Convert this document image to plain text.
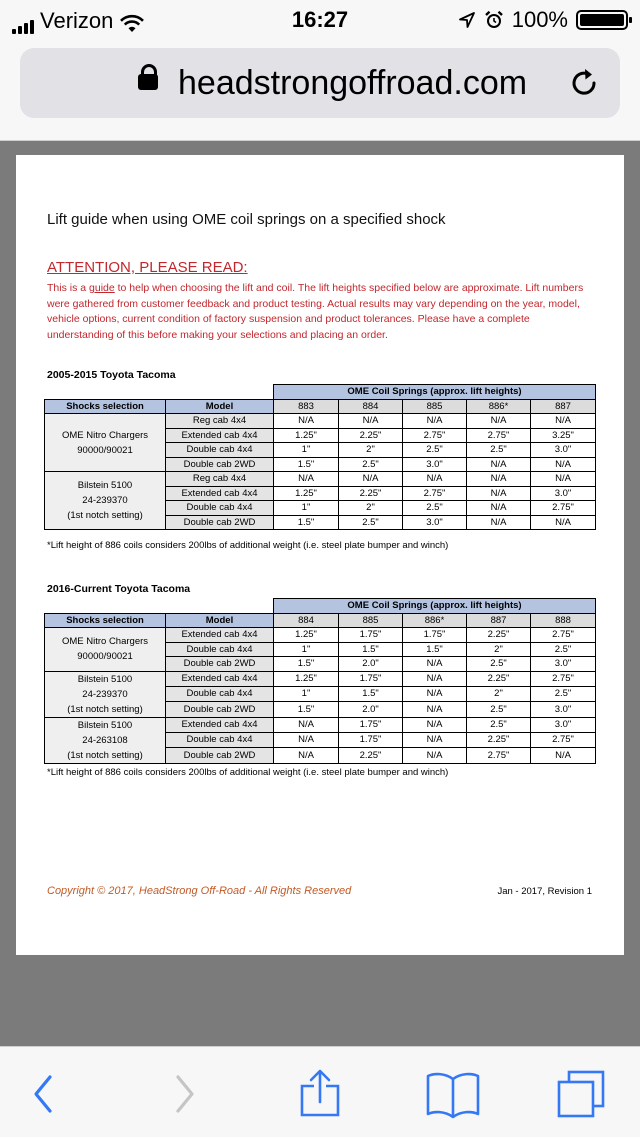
Verizon	16:27	100%
headstrongoffroad.com
Lift guide when using OME coil springs on a specified shock
ATTENTION, PLEASE READ:
This is a guide to help when choosing the lift and coil. The lift heights specified below are approximate. Lift numbers were gathered from customer feedback and product testing. Actual results may vary depending on the year, model, vehicle options, current condition of factory suspension and product tolerances. Please have a complete understanding of this before making your selections and placing an order.
2005-2015 Toyota Tacoma
		OME Coil Springs (approx. lift heights)				
Shocks selection	Model	883	884	885	886*	887

OME Nitro Chargers
90000/90021	Reg cab 4x4	N/A	N/A	N/A	N/A	N/A
	Extended cab 4x4	1.25"	2.25"	2.75"	2.75"	3.25"
	Double cab 4x4	1"	2"	2.5"	2.5"	3.0"
	Double cab 2WD	1.5"	2.5"	3.0"	N/A	N/A

Bilstein 5100
24-239370
(1st notch setting)	Reg cab 4x4	N/A	N/A	N/A	N/A	N/A
	Extended cab 4x4	1.25"	2.25"	2.75"	N/A	3.0"
	Double cab 4x4	1"	2"	2.5"	N/A	2.75"
	Double cab 2WD	1.5"	2.5"	3.0"	N/A	N/A
*Lift height of 886 coils considers 200lbs of additional weight (i.e. steel plate bumper and winch)
2016-Current Toyota Tacoma
		OME Coil Springs (approx. lift heights)				
Shocks selection	Model	884	885	886*	887	888

OME Nitro Chargers
90000/90021	Extended cab 4x4	1.25"	1.75"	1.75"	2.25"	2.75"
	Double cab 4x4	1"	1.5"	1.5"	2"	2.5"
	Double cab 2WD	1.5"	2.0"	N/A	2.5"	3.0"

Bilstein 5100
24-239370
(1st notch setting)	Extended cab 4x4	1.25"	1.75"	N/A	2.25"	2.75"
	Double cab 4x4	1"	1.5"	N/A	2"	2.5"
	Double cab 2WD	1.5"	2.0"	N/A	2.5"	3.0"

Bilstein 5100
24-263108
(1st notch setting)	Extended cab 4x4	N/A	1.75"	N/A	2.5"	3.0"
	Double cab 4x4	N/A	1.75"	N/A	2.25"	2.75"
	Double cab 2WD	N/A	2.25"	N/A	2.75"	N/A
*Lift height of 886 coils considers 200lbs of additional weight (i.e. steel plate bumper and winch)
Copyright © 2017, HeadStrong Off-Road - All Rights Reserved	Jan - 2017, Revision 1
